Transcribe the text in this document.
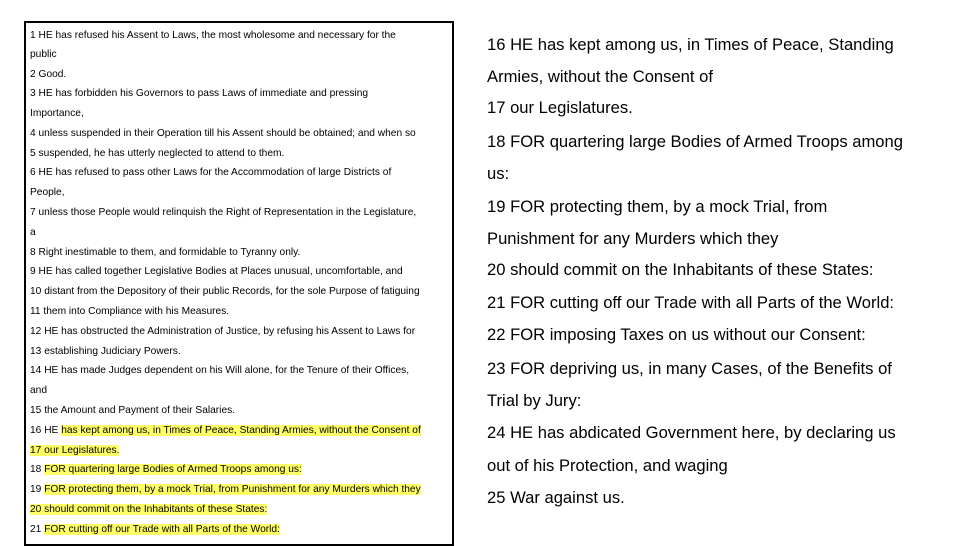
1 HE has refused his Assent to Laws, the most wholesome and necessary for the
public
2 Good.
3 HE has forbidden his Governors to pass Laws of immediate and pressing
Importance,
4 unless suspended in their Operation till his Assent should be obtained; and when so
5 suspended, he has utterly neglected to attend to them.
6 HE has refused to pass other Laws for the Accommodation of large Districts of
People,
7 unless those People would relinquish the Right of Representation in the Legislature,
a
8 Right inestimable to them, and formidable to Tyranny only.
9 HE has called together Legislative Bodies at Places unusual, uncomfortable, and
10 distant from the Depository of their public Records, for the sole Purpose of fatiguing
11 them into Compliance with his Measures.
12 HE has obstructed the Administration of Justice, by refusing his Assent to Laws for
13 establishing Judiciary Powers.
14 HE has made Judges dependent on his Will alone, for the Tenure of their Offices,
and
15 the Amount and Payment of their Salaries.
16 HE has kept among us, in Times of Peace, Standing Armies, without the Consent of
17 our Legislatures.
18 FOR quartering large Bodies of Armed Troops among us:
19 FOR protecting them, by a mock Trial, from Punishment for any Murders which they
20 should commit on the Inhabitants of these States:
21 FOR cutting off our Trade with all Parts of the World:
16 HE has kept among us, in Times of Peace, Standing
Armies, without the Consent of
17 our Legislatures.
18 FOR quartering large Bodies of Armed Troops among
us:
19 FOR protecting them, by a mock Trial, from
Punishment for any Murders which they
20 should commit on the Inhabitants of these States:
21 FOR cutting off our Trade with all Parts of the World:
22 FOR imposing Taxes on us without our Consent:
23 FOR depriving us, in many Cases, of the Benefits of
Trial by Jury:
24 HE has abdicated Government here, by declaring us
out of his Protection, and waging
25 War against us.
